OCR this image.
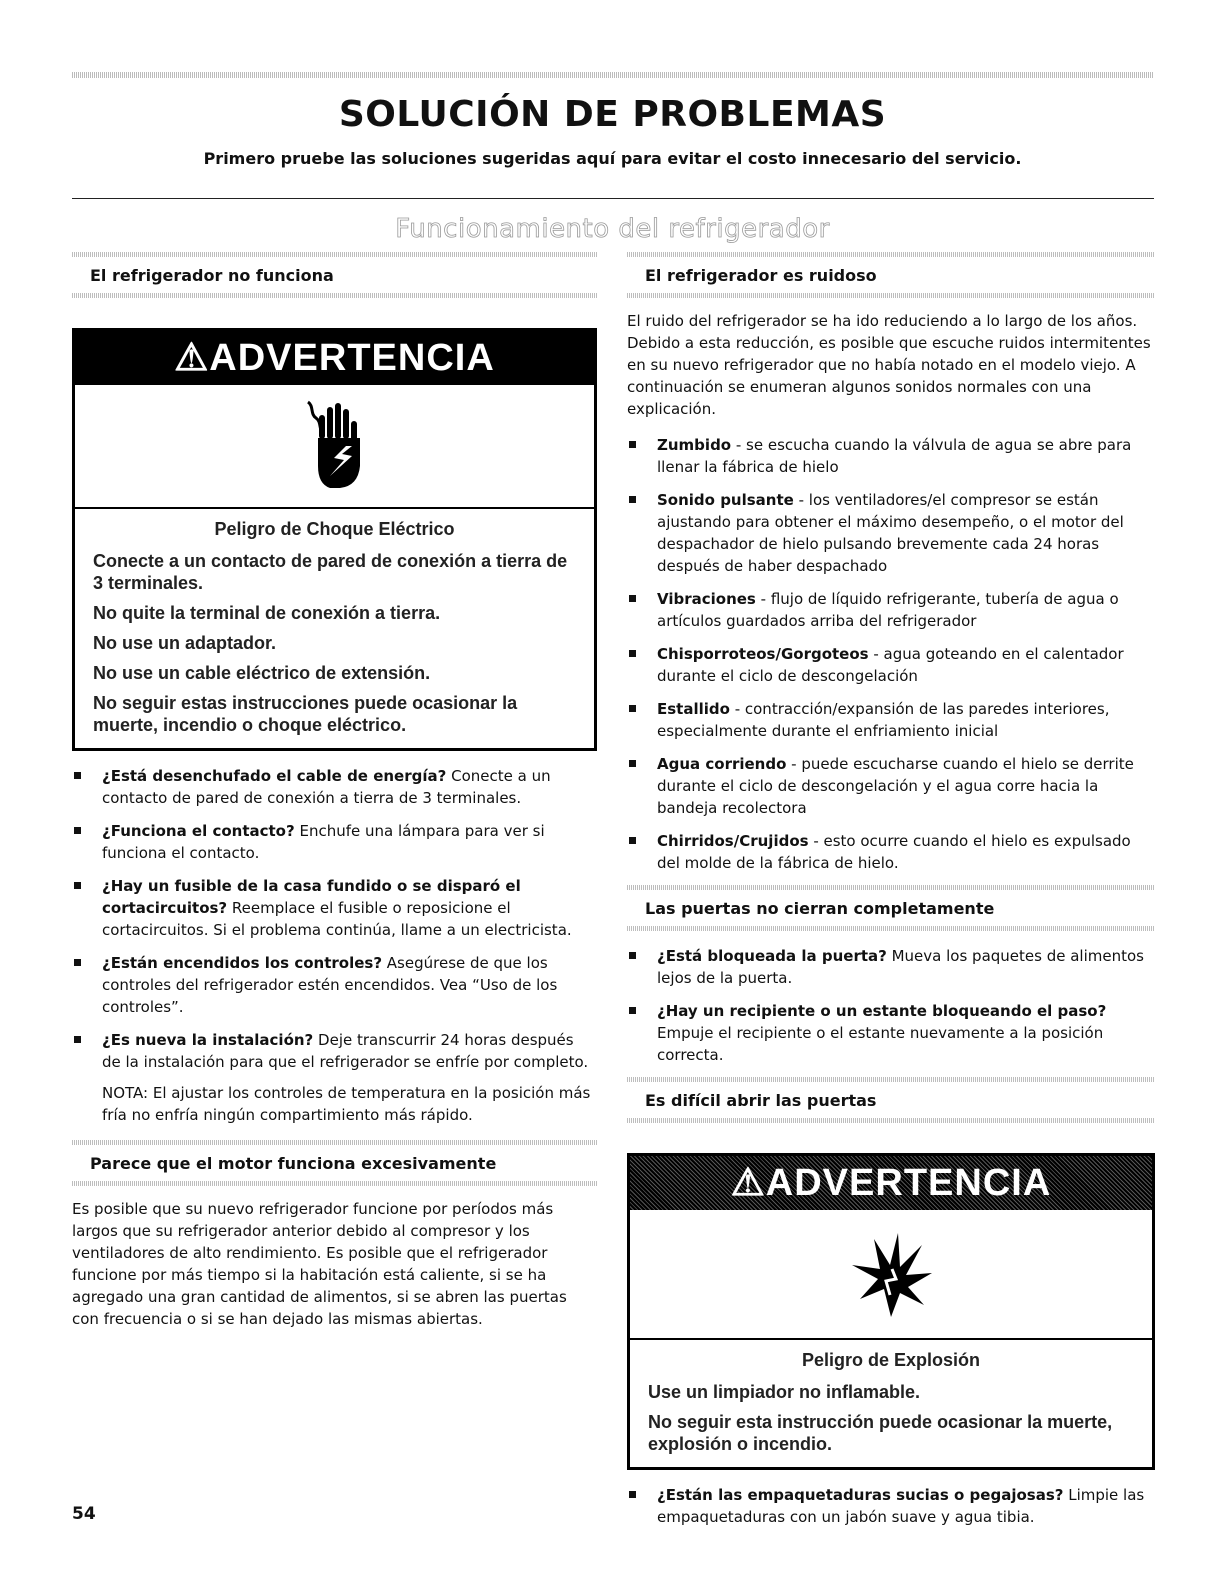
SOLUCIÓN DE PROBLEMAS
Primero pruebe las soluciones sugeridas aquí para evitar el costo innecesario del servicio.
Funcionamiento del refrigerador
El refrigerador no funciona
⚠ADVERTENCIA
Peligro de Choque Eléctrico

Conecte a un contacto de pared de conexión a tierra de 3 terminales.

No quite la terminal de conexión a tierra.

No use un adaptador.

No use un cable eléctrico de extensión.

No seguir estas instrucciones puede ocasionar la muerte, incendio o choque eléctrico.

¿Está desenchufado el cable de energía? Conecte a un contacto de pared de conexión a tierra de 3 terminales.
¿Funciona el contacto? Enchufe una lámpara para ver si funciona el contacto.
¿Hay un fusible de la casa fundido o se disparó el cortacircuitos? Reemplace el fusible o reposicione el cortacircuitos. Si el problema continúa, llame a un electricista.
¿Están encendidos los controles? Asegúrese de que los controles del refrigerador estén encendidos. Vea “Uso de los controles”.
¿Es nueva la instalación? Deje transcurrir 24 horas después de la instalación para que el refrigerador se enfríe por completo.
NOTA: El ajustar los controles de temperatura en la posición más fría no enfría ningún compartimiento más rápido.
Parece que el motor funciona excesivamente
Es posible que su nuevo refrigerador funcione por períodos más largos que su refrigerador anterior debido al compresor y los ventiladores de alto rendimiento. Es posible que el refrigerador funcione por más tiempo si la habitación está caliente, si se ha agregado una gran cantidad de alimentos, si se abren las puertas con frecuencia o si se han dejado las mismas abiertas.
El refrigerador es ruidoso
El ruido del refrigerador se ha ido reduciendo a lo largo de los años. Debido a esta reducción, es posible que escuche ruidos intermitentes en su nuevo refrigerador que no había notado en el modelo viejo. A continuación se enumeran algunos sonidos normales con una explicación.
Zumbido - se escucha cuando la válvula de agua se abre para llenar la fábrica de hielo
Sonido pulsante - los ventiladores/el compresor se están ajustando para obtener el máximo desempeño, o el motor del despachador de hielo pulsando brevemente cada 24 horas después de haber despachado
Vibraciones - flujo de líquido refrigerante, tubería de agua o artículos guardados arriba del refrigerador
Chisporroteos/Gorgoteos - agua goteando en el calentador durante el ciclo de descongelación
Estallido - contracción/expansión de las paredes interiores, especialmente durante el enfriamiento inicial
Agua corriendo - puede escucharse cuando el hielo se derrite durante el ciclo de descongelación y el agua corre hacia la bandeja recolectora
Chirridos/Crujidos - esto ocurre cuando el hielo es expulsado del molde de la fábrica de hielo.
Las puertas no cierran completamente
¿Está bloqueada la puerta? Mueva los paquetes de alimentos lejos de la puerta.
¿Hay un recipiente o un estante bloqueando el paso? Empuje el recipiente o el estante nuevamente a la posición correcta.
Es difícil abrir las puertas
⚠ADVERTENCIA
Peligro de Explosión

Use un limpiador no inflamable.

No seguir esta instrucción puede ocasionar la muerte, explosión o incendio.

¿Están las empaquetaduras sucias o pegajosas? Limpie las empaquetaduras con un jabón suave y agua tibia.
54
